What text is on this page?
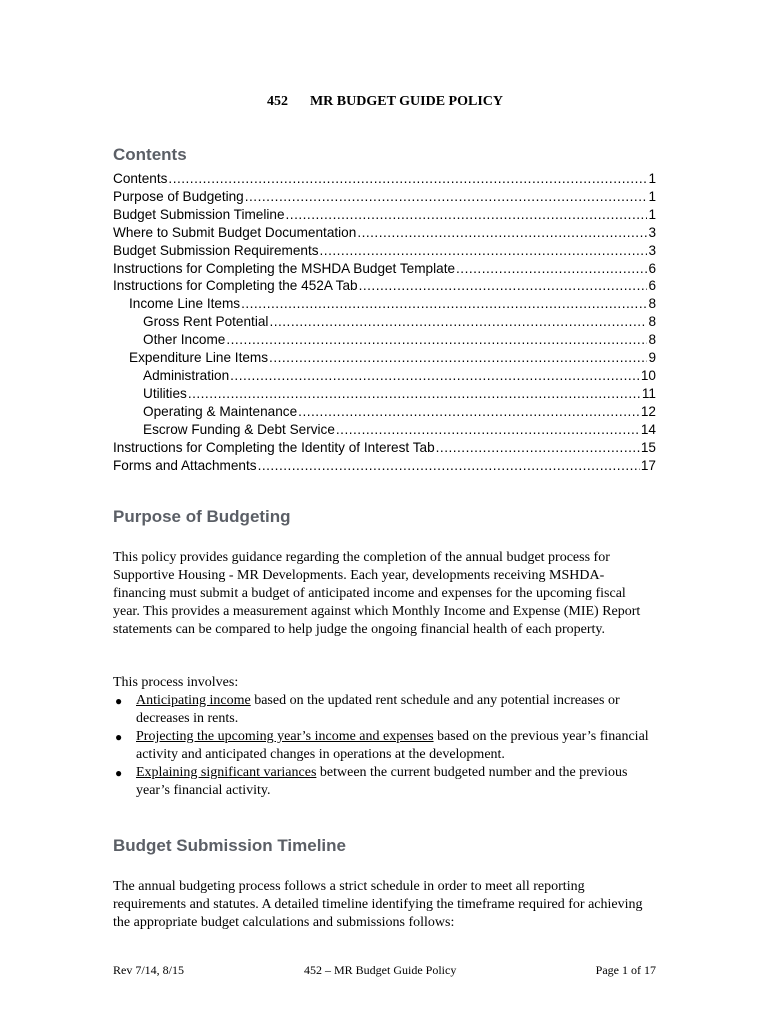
452 MR BUDGET GUIDE POLICY
Contents
Contents .....	1
Purpose of Budgeting .....	1
Budget Submission Timeline .....	1
Where to Submit Budget Documentation .....	3
Budget Submission Requirements .....	3
Instructions for Completing the MSHDA Budget Template .....	6
Instructions for Completing the 452A Tab .....	6
Income Line Items .....	8
Gross Rent Potential .....	8
Other Income .....	8
Expenditure Line Items .....	9
Administration .....	10
Utilities .....	11
Operating & Maintenance .....	12
Escrow Funding & Debt Service .....	14
Instructions for Completing the Identity of Interest Tab .....	15
Forms and Attachments .....	17
Purpose of Budgeting

This policy provides guidance regarding the completion of the annual budget process for Supportive Housing - MR Developments. Each year, developments receiving MSHDA-financing must submit a budget of anticipated income and expenses for the upcoming fiscal year. This provides a measurement against which Monthly Income and Expense (MIE) Report statements can be compared to help judge the ongoing financial health of each property.

This process involves:

● Anticipating income based on the updated rent schedule and any potential increases or decreases in rents.
● Projecting the upcoming year’s income and expenses based on the previous year’s financial activity and anticipated changes in operations at the development.
● Explaining significant variances between the current budgeted number and the previous year’s financial activity.
Budget Submission Timeline

The annual budgeting process follows a strict schedule in order to meet all reporting requirements and statutes. A detailed timeline identifying the timeframe required for achieving the appropriate budget calculations and submissions follows:

Rev 7/14, 8/15	452 – MR Budget Guide Policy	Page 1 of 17
